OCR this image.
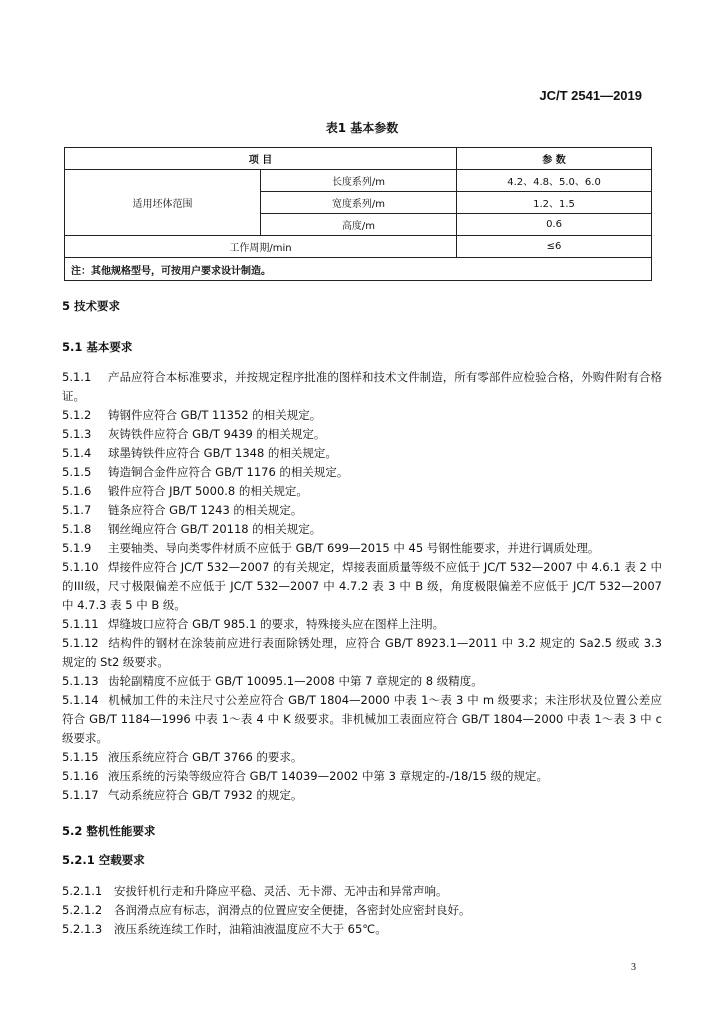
JC/T 2541—2019
表1 基本参数
项 目		参 数
适用坯体范围	长度系列/m	4.2、4.8、5.0、6.0
	宽度系列/m	1.2、1.5
	高度/m	0.6
工作周期/min		≤6
注：其他规格型号，可按用户要求设计制造。		
5 技术要求
5.1 基本要求

5.1.1 产品应符合本标准要求，并按规定程序批准的图样和技术文件制造，所有零部件应检验合格，外购件附有合格证。

5.1.2 铸钢件应符合 GB/T 11352 的相关规定。

5.1.3 灰铸铁件应符合 GB/T 9439 的相关规定。

5.1.4 球墨铸铁件应符合 GB/T 1348 的相关规定。

5.1.5 铸造铜合金件应符合 GB/T 1176 的相关规定。

5.1.6 锻件应符合 JB/T 5000.8 的相关规定。

5.1.7 链条应符合 GB/T 1243 的相关规定。

5.1.8 钢丝绳应符合 GB/T 20118 的相关规定。

5.1.9 主要轴类、导向类零件材质不应低于 GB/T 699—2015 中 45 号钢性能要求，并进行调质处理。

5.1.10 焊接件应符合 JC/T 532—2007 的有关规定，焊接表面质量等级不应低于 JC/T 532—2007 中 4.6.1 表 2 中的III级，尺寸极限偏差不应低于 JC/T 532—2007 中 4.7.2 表 3 中 B 级，角度极限偏差不应低于 JC/T 532—2007 中 4.7.3 表 5 中 B 级。

5.1.11 焊缝坡口应符合 GB/T 985.1 的要求，特殊接头应在图样上注明。

5.1.12 结构件的钢材在涂装前应进行表面除锈处理，应符合 GB/T 8923.1—2011 中 3.2 规定的 Sa2.5 级或 3.3 规定的 St2 级要求。

5.1.13 齿轮副精度不应低于 GB/T 10095.1—2008 中第 7 章规定的 8 级精度。

5.1.14 机械加工件的未注尺寸公差应符合 GB/T 1804—2000 中表 1～表 3 中 m 级要求；未注形状及位置公差应符合 GB/T 1184—1996 中表 1～表 4 中 K 级要求。非机械加工表面应符合 GB/T 1804—2000 中表 1～表 3 中 c 级要求。

5.1.15 液压系统应符合 GB/T 3766 的要求。

5.1.16 液压系统的污染等级应符合 GB/T 14039—2002 中第 3 章规定的-/18/15 级的规定。

5.1.17 气动系统应符合 GB/T 7932 的规定。

5.2 整机性能要求
5.2.1 空载要求

5.2.1.1 安拔钎机行走和升降应平稳、灵活、无卡滞、无冲击和异常声响。

5.2.1.2 各润滑点应有标志，润滑点的位置应安全便捷，各密封处应密封良好。

5.2.1.3 液压系统连续工作时，油箱油液温度应不大于 65℃。

3
